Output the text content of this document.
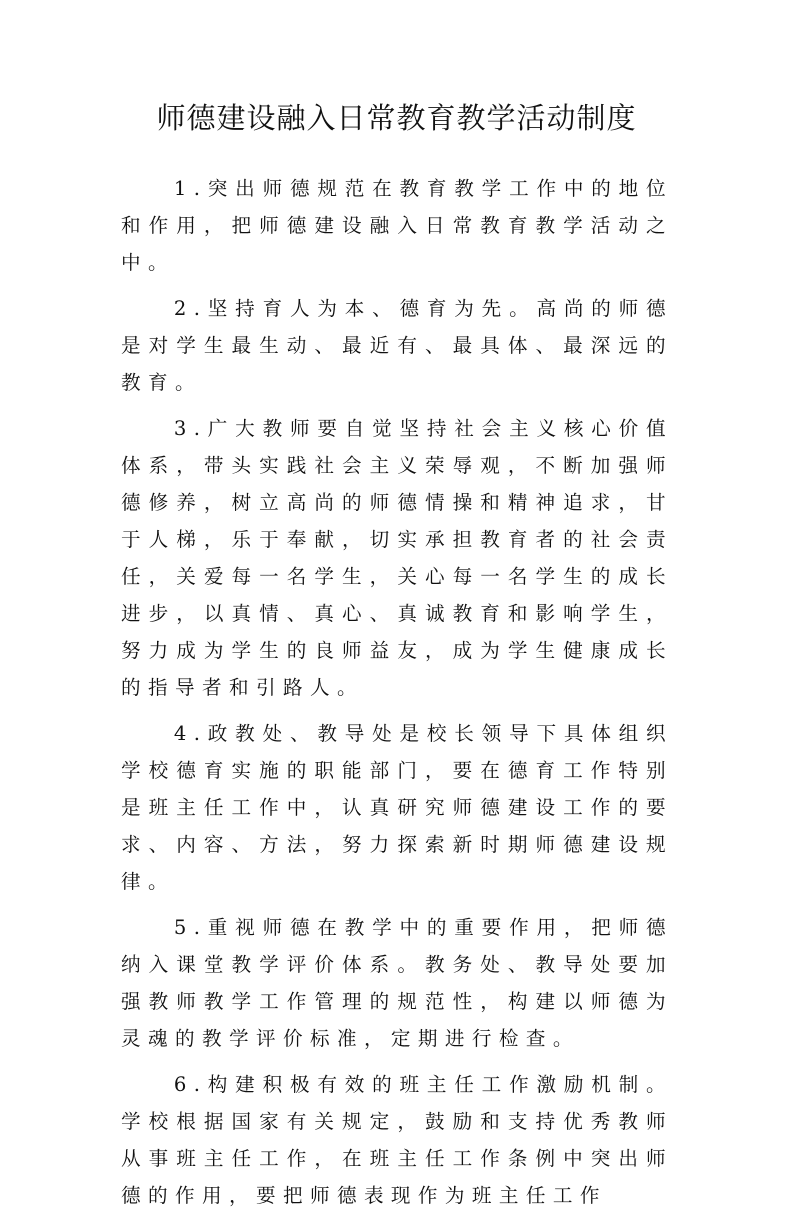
师德建设融入日常教育教学活动制度

1.突出师德规范在教育教学工作中的地位和作用，把师德建设融入日常教育教学活动之中。

2.坚持育人为本、德育为先。高尚的师德是对学生最生动、最近有、最具体、最深远的教育。

3.广大教师要自觉坚持社会主义核心价值体系，带头实践社会主义荣辱观，不断加强师德修养，树立高尚的师德情操和精神追求，甘于人梯，乐于奉献，切实承担教育者的社会责任，关爱每一名学生，关心每一名学生的成长进步，以真情、真心、真诚教育和影响学生，努力成为学生的良师益友，成为学生健康成长的指导者和引路人。

4.政教处、教导处是校长领导下具体组织学校德育实施的职能部门，要在德育工作特别是班主任工作中，认真研究师德建设工作的要求、内容、方法，努力探索新时期师德建设规律。

5.重视师德在教学中的重要作用，把师德纳入课堂教学评价体系。教务处、教导处要加强教师教学工作管理的规范性，构建以师德为灵魂的教学评价标准，定期进行检查。

6.构建积极有效的班主任工作激励机制。学校根据国家有关规定，鼓励和支持优秀教师从事班主任工作，在班主任工作条例中突出师德的作用，要把师德表现作为班主任工作
